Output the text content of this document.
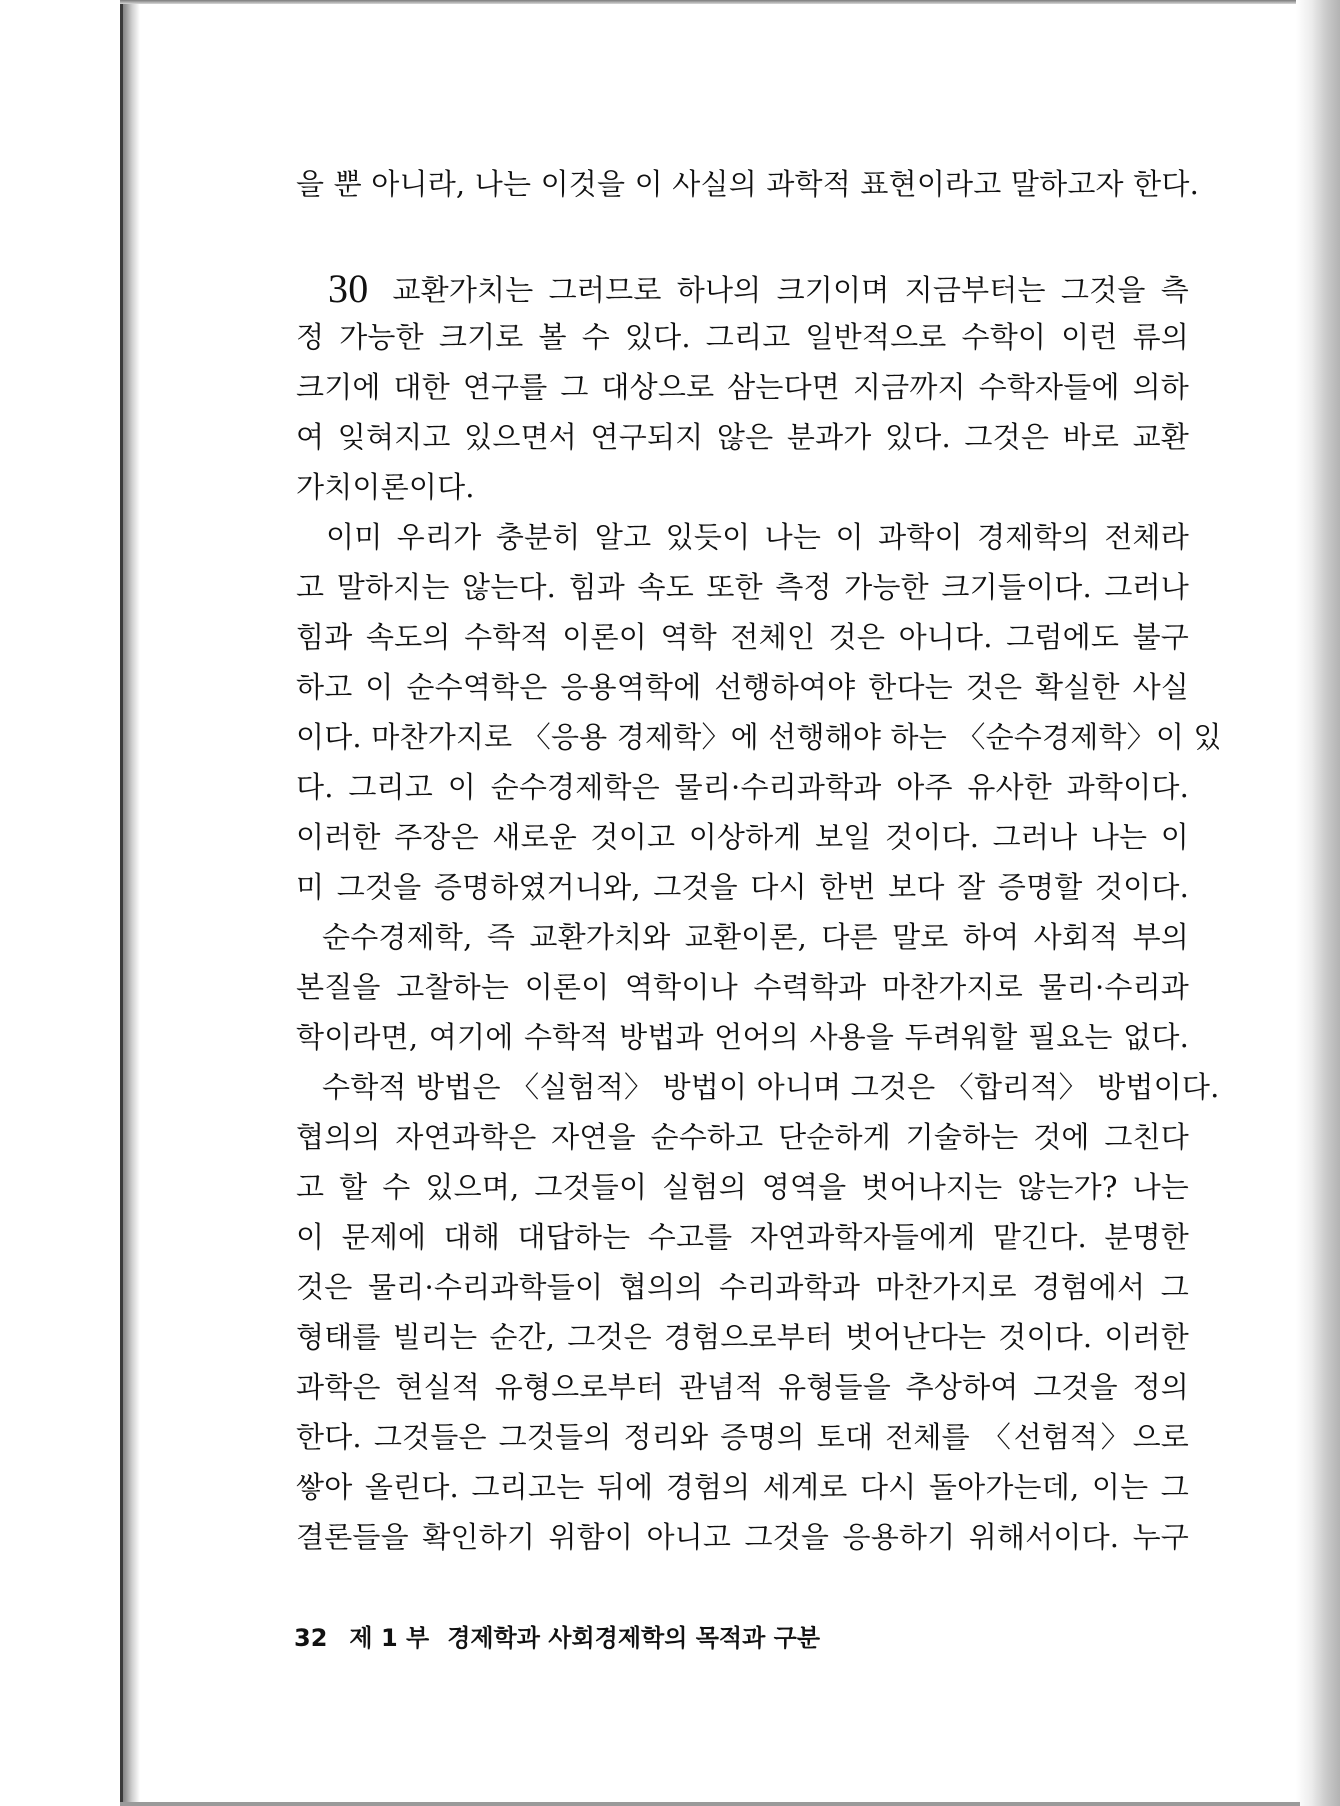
을 뿐 아니라, 나는 이것을 이 사실의 과학적 표현이라고 말하고자 한다.
30 교환가치는 그러므로 하나의 크기이며 지금부터는 그것을 측
정 가능한 크기로 볼 수 있다. 그리고 일반적으로 수학이 이런 류의
크기에 대한 연구를 그 대상으로 삼는다면 지금까지 수학자들에 의하
여 잊혀지고 있으면서 연구되지 않은 분과가 있다. 그것은 바로 교환
가치이론이다.
이미 우리가 충분히 알고 있듯이 나는 이 과학이 경제학의 전체라
고 말하지는 않는다. 힘과 속도 또한 측정 가능한 크기들이다. 그러나
힘과 속도의 수학적 이론이 역학 전체인 것은 아니다. 그럼에도 불구
하고 이 순수역학은 응용역학에 선행하여야 한다는 것은 확실한 사실
이다. 마찬가지로 〈응용 경제학〉에 선행해야 하는 〈순수경제학〉이 있
다. 그리고 이 순수경제학은 물리·수리과학과 아주 유사한 과학이다.
이러한 주장은 새로운 것이고 이상하게 보일 것이다. 그러나 나는 이
미 그것을 증명하였거니와, 그것을 다시 한번 보다 잘 증명할 것이다.
순수경제학, 즉 교환가치와 교환이론, 다른 말로 하여 사회적 부의
본질을 고찰하는 이론이 역학이나 수력학과 마찬가지로 물리·수리과
학이라면, 여기에 수학적 방법과 언어의 사용을 두려워할 필요는 없다.
수학적 방법은 〈실험적〉 방법이 아니며 그것은 〈합리적〉 방법이다.
협의의 자연과학은 자연을 순수하고 단순하게 기술하는 것에 그친다
고 할 수 있으며, 그것들이 실험의 영역을 벗어나지는 않는가? 나는
이 문제에 대해 대답하는 수고를 자연과학자들에게 맡긴다. 분명한
것은 물리·수리과학들이 협의의 수리과학과 마찬가지로 경험에서 그
형태를 빌리는 순간, 그것은 경험으로부터 벗어난다는 것이다. 이러한
과학은 현실적 유형으로부터 관념적 유형들을 추상하여 그것을 정의
한다. 그것들은 그것들의 정리와 증명의 토대 전체를 〈선험적〉으로
쌓아 올린다. 그리고는 뒤에 경험의 세계로 다시 돌아가는데, 이는 그
결론들을 확인하기 위함이 아니고 그것을 응용하기 위해서이다. 누구
32 제 1 부 경제학과 사회경제학의 목적과 구분
